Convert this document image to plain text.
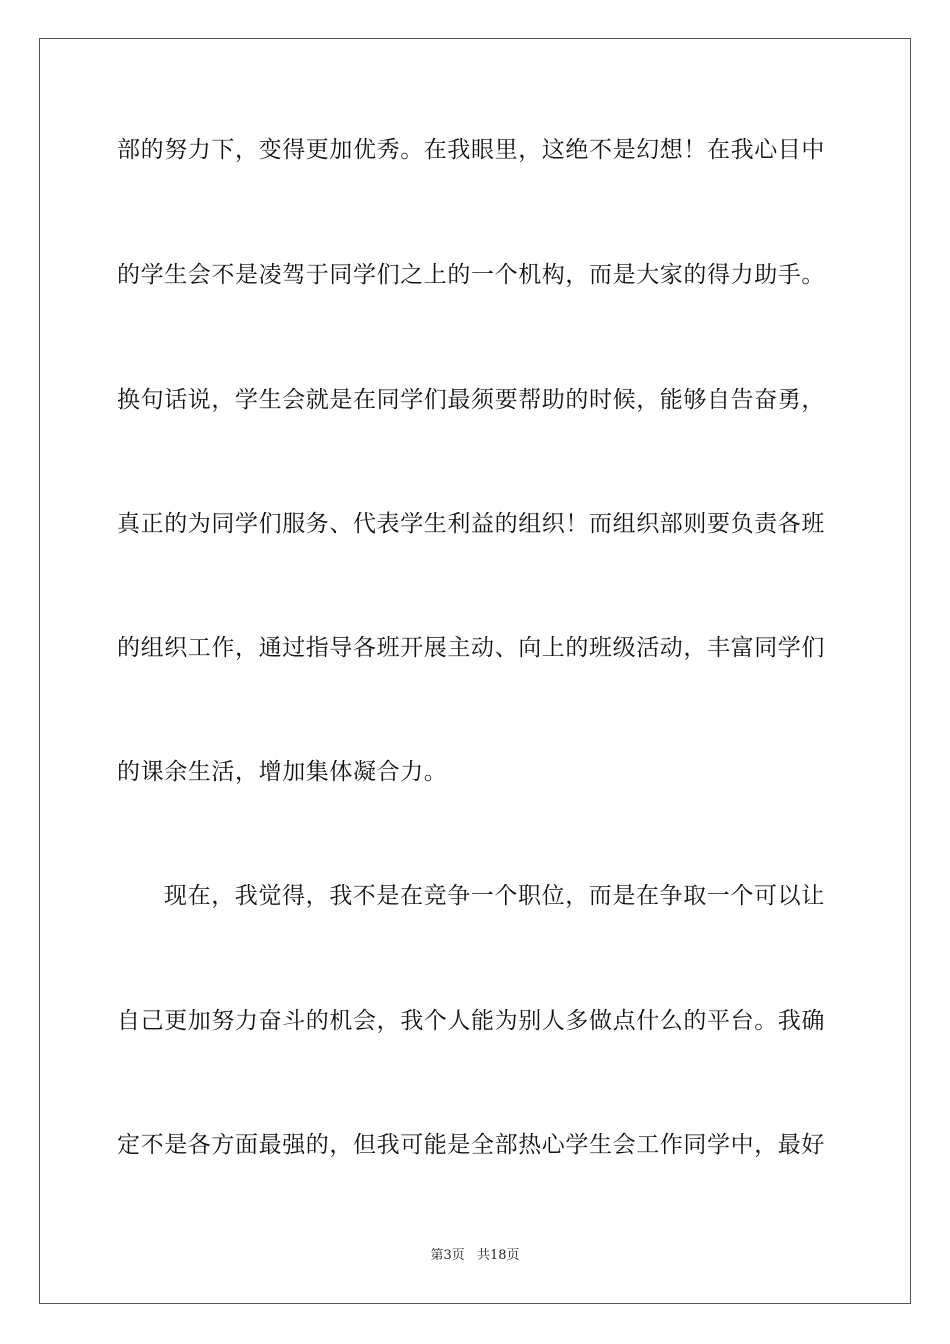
部的努力下，变得更加优秀。在我眼里，这绝不是幻想！在我心目中
的学生会不是凌驾于同学们之上的一个机构，而是大家的得力助手。
换句话说，学生会就是在同学们最须要帮助的时候，能够自告奋勇，
真正的为同学们服务、代表学生利益的组织！而组织部则要负责各班
的组织工作，通过指导各班开展主动、向上的班级活动，丰富同学们
的课余生活，增加集体凝合力。
现在，我觉得，我不是在竞争一个职位，而是在争取一个可以让
自己更加努力奋斗的机会，我个人能为别人多做点什么的平台。我确
定不是各方面最强的，但我可能是全部热心学生会工作同学中，最好
第3页 共18页
